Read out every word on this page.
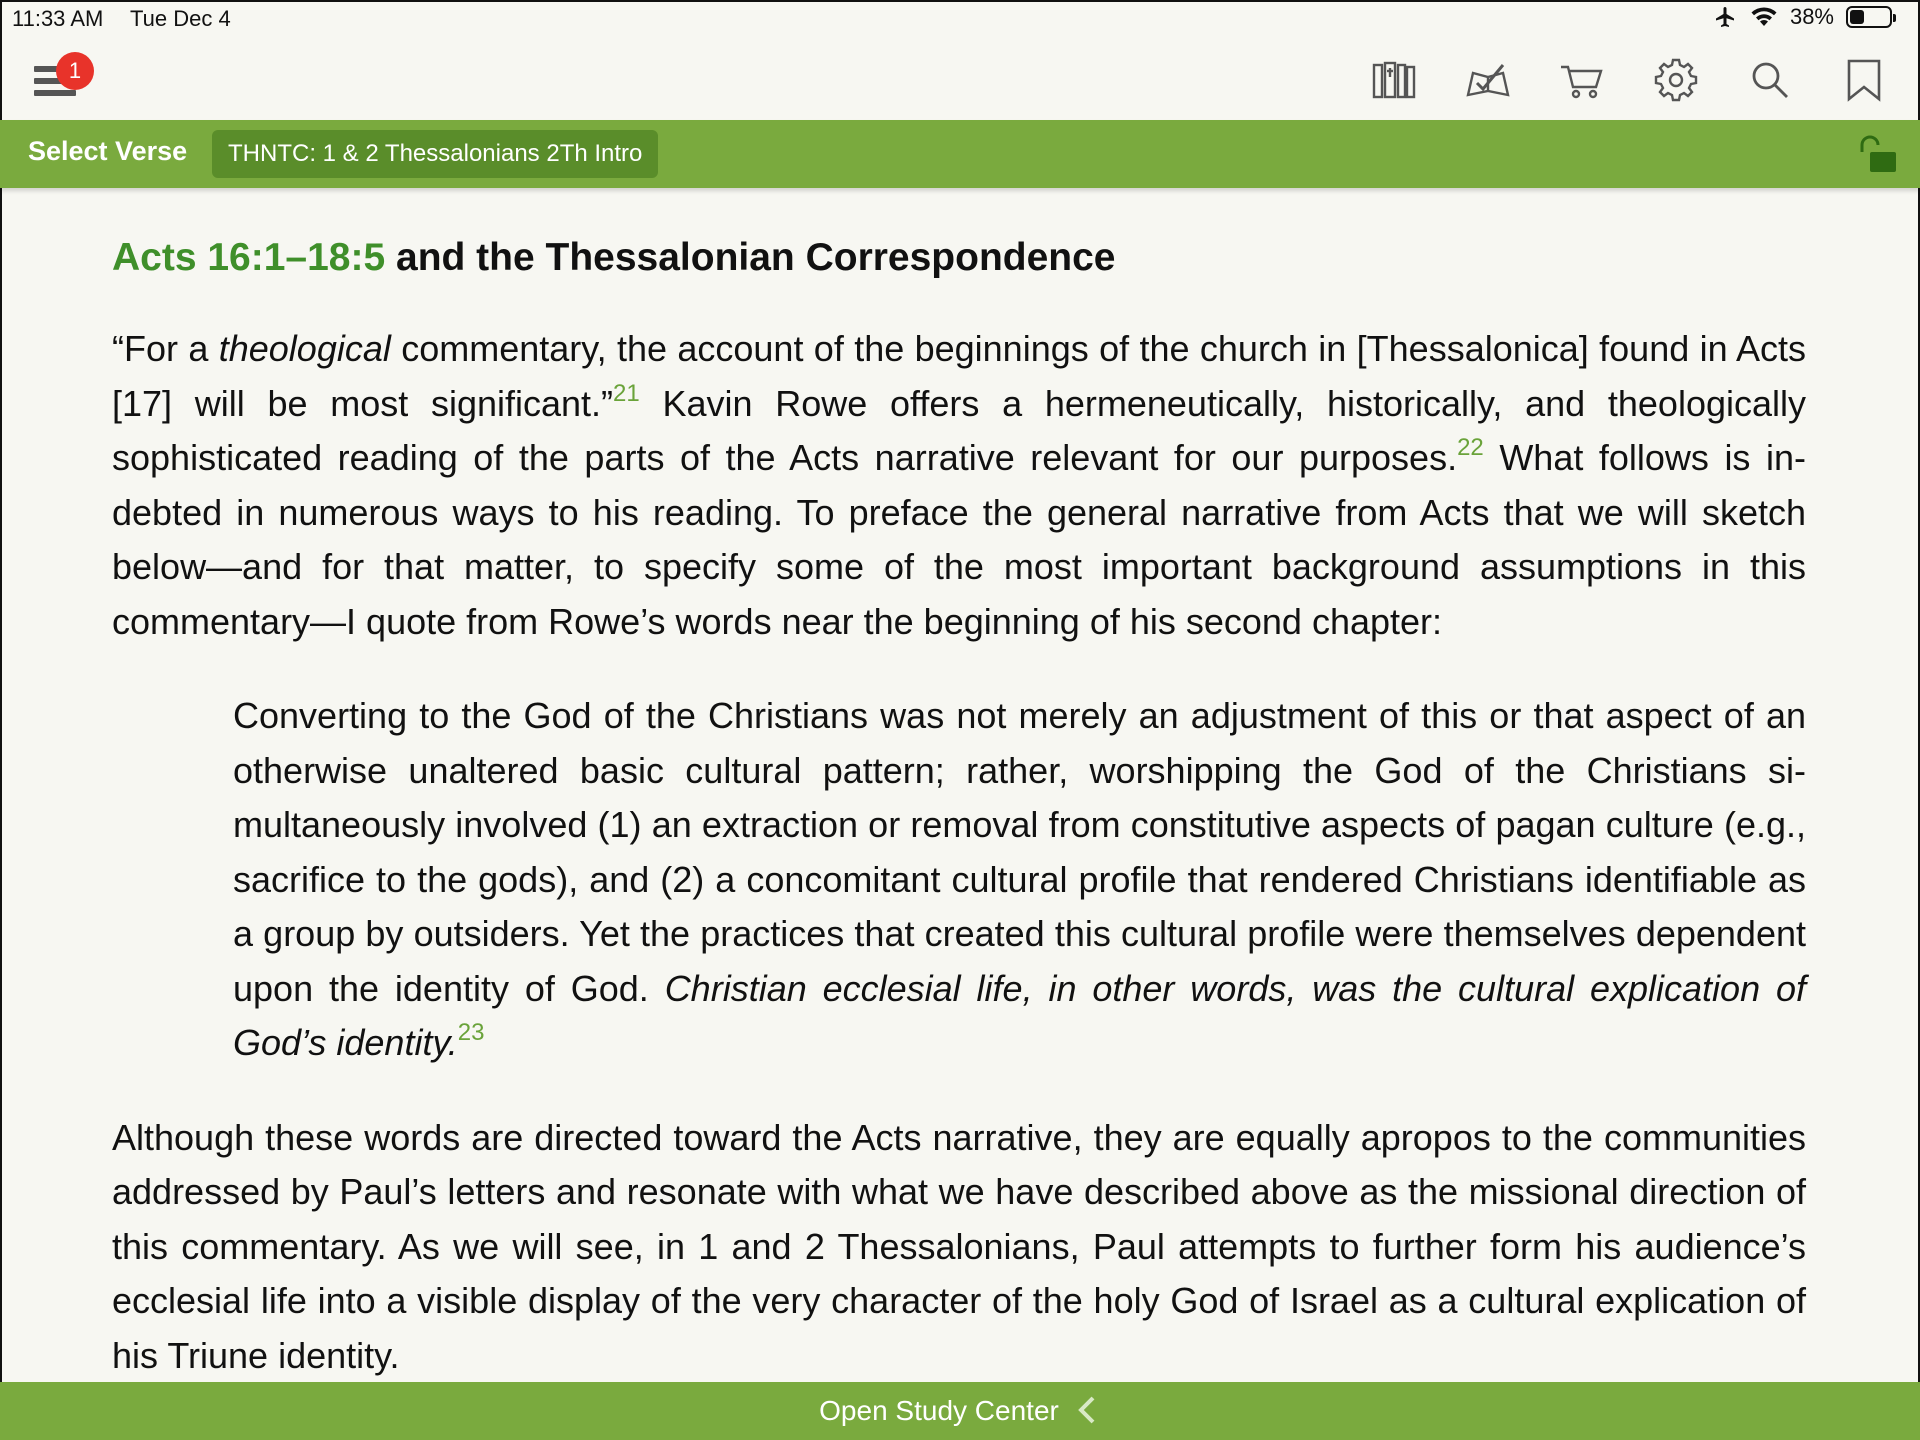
11:33 AM Tue Dec 4	38%
1
Select Verse	THNTC: 1 & 2 Thessalonians 2Th Intro
Acts 16:1–18:5 and the Thessalonian Correspondence

“For a theological commentary, the account of the beginnings of the church in [Thessalonica] found in Acts [17] will be most significant.”$^{21}$ Kavin Rowe offers a hermeneutically, historically, and theologically sophisticated reading of the parts of the Acts narrative relevant for our purposes.$^{22}$ What follows is indebted in numerous ways to his reading. To preface the general narrative from Acts that we will sketch below—and for that matter, to specify some of the most important background assumptions in this commentary—I quote from Rowe’s words near the beginning of his second chapter:

Converting to the God of the Christians was not merely an adjustment of this or that aspect of an otherwise unaltered basic cultural pattern; rather, worshipping the God of the Christians simultaneously involved (1) an extraction or removal from constitutive aspects of pagan culture (e.g., sacrifice to the gods), and (2) a concomitant cultural profile that rendered Christians identifiable as a group by outsiders. Yet the practices that created this cultural profile were themselves dependent upon the identity of God. Christian ecclesial life, in other words, was the cultural explication of God’s identity.$^{23}$

Although these words are directed toward the Acts narrative, they are equally apropos to the communities addressed by Paul’s letters and resonate with what we have described above as the missional direction of this commentary. As we will see, in 1 and 2 Thessalonians, Paul attempts to further form his audience’s ecclesial life into a visible display of the very character of the holy God of Israel as a cultural explication of his Triune identity.

Open Study Center
